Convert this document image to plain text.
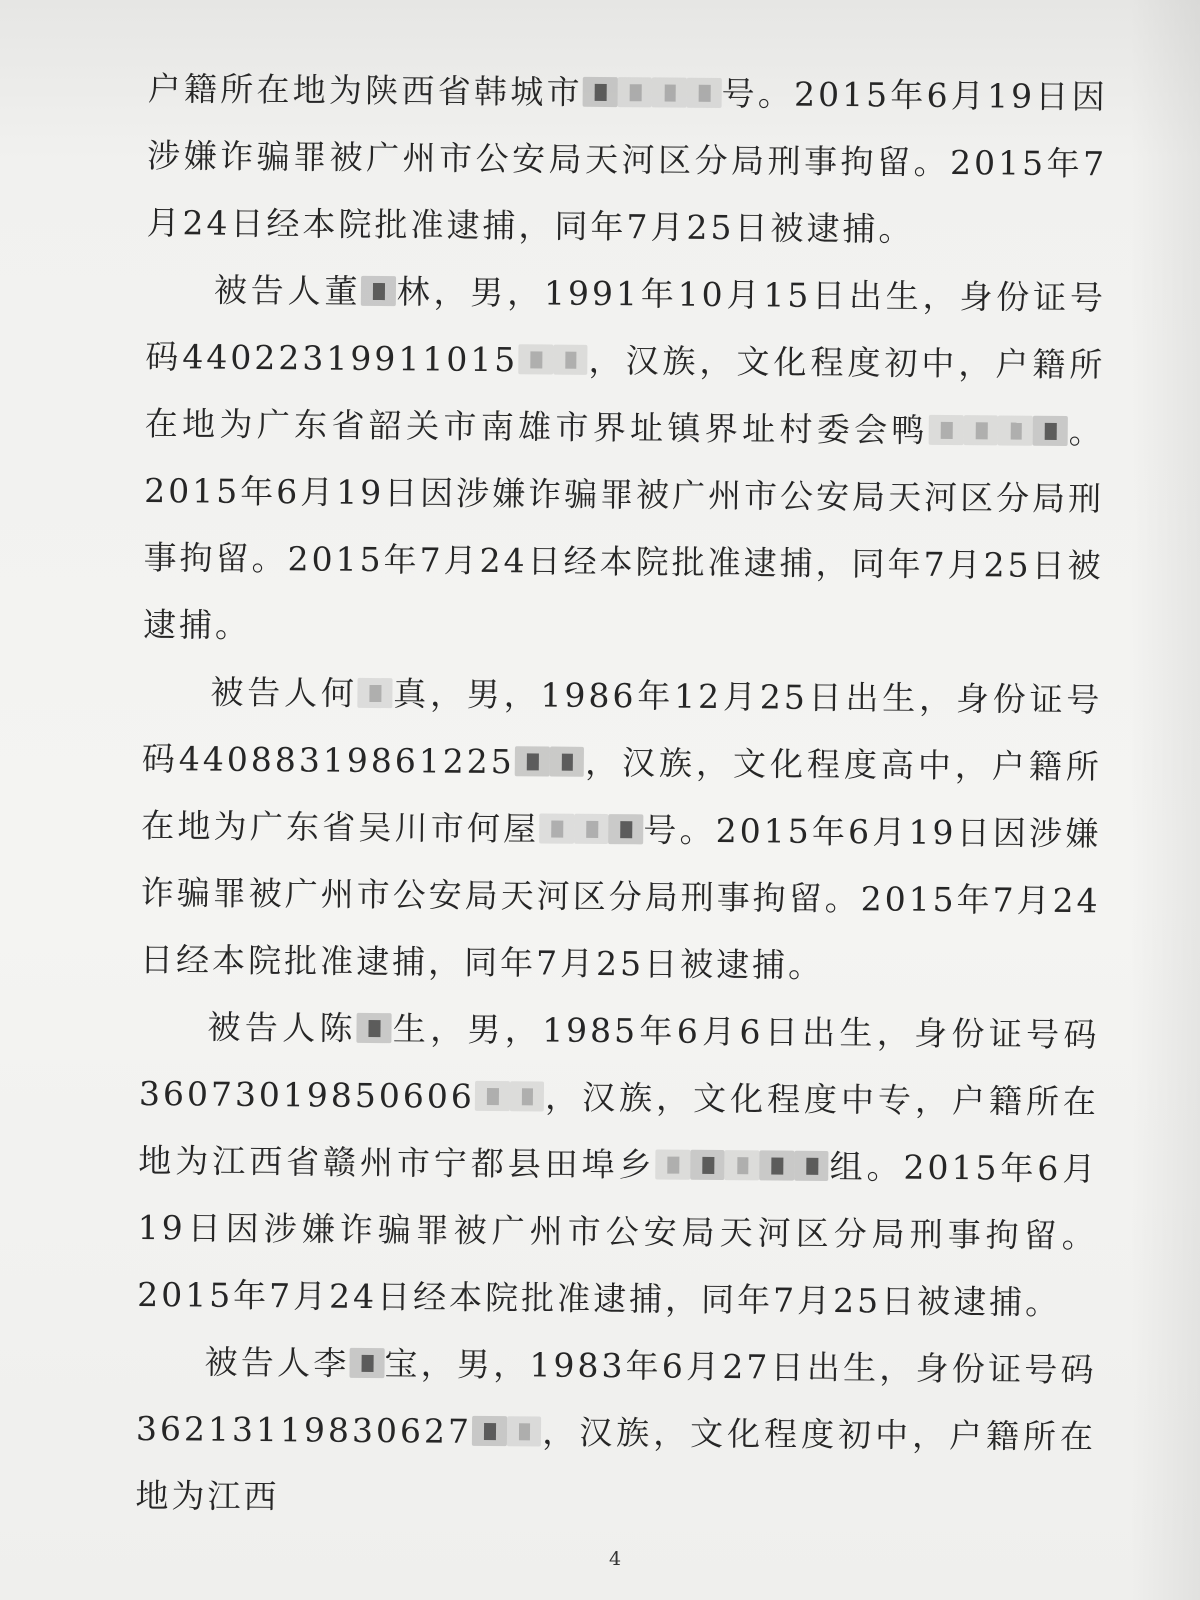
户籍所在地为陕西省韩城市	号。2015年6月19日因涉嫌诈骗罪被广州市公安局天河区分局刑事拘留。2015年7月24日经本院批准逮捕，同年7月25日被逮捕。

被告人董 林，男，1991年10月15日出生，身份证号码44022319911015 ，汉族，文化程度初中，户籍所在地为广东省韶关市南雄市界址镇界址村委会鸭	。2015年6月19日因涉嫌诈骗罪被广州市公安局天河区分局刑事拘留。2015年7月24日经本院批准逮捕，同年7月25日被逮捕。

被告人何 真，男，1986年12月25日出生，身份证号码44088319861225 ，汉族，文化程度高中，户籍所在地为广东省吴川市何屋	号。2015年6月19日因涉嫌诈骗罪被广州市公安局天河区分局刑事拘留。2015年7月24日经本院批准逮捕，同年7月25日被逮捕。

被告人陈 生，男，1985年6月6日出生，身份证号码36073019850606 ，汉族，文化程度中专，户籍所在地为江西省赣州市宁都县田埠乡	组。2015年6月19日因涉嫌诈骗罪被广州市公安局天河区分局刑事拘留。2015年7月24日经本院批准逮捕，同年7月25日被逮捕。

被告人李 宝，男，1983年6月27日出生，身份证号码36213119830627 ，汉族，文化程度初中，户籍所在地为江西

4
